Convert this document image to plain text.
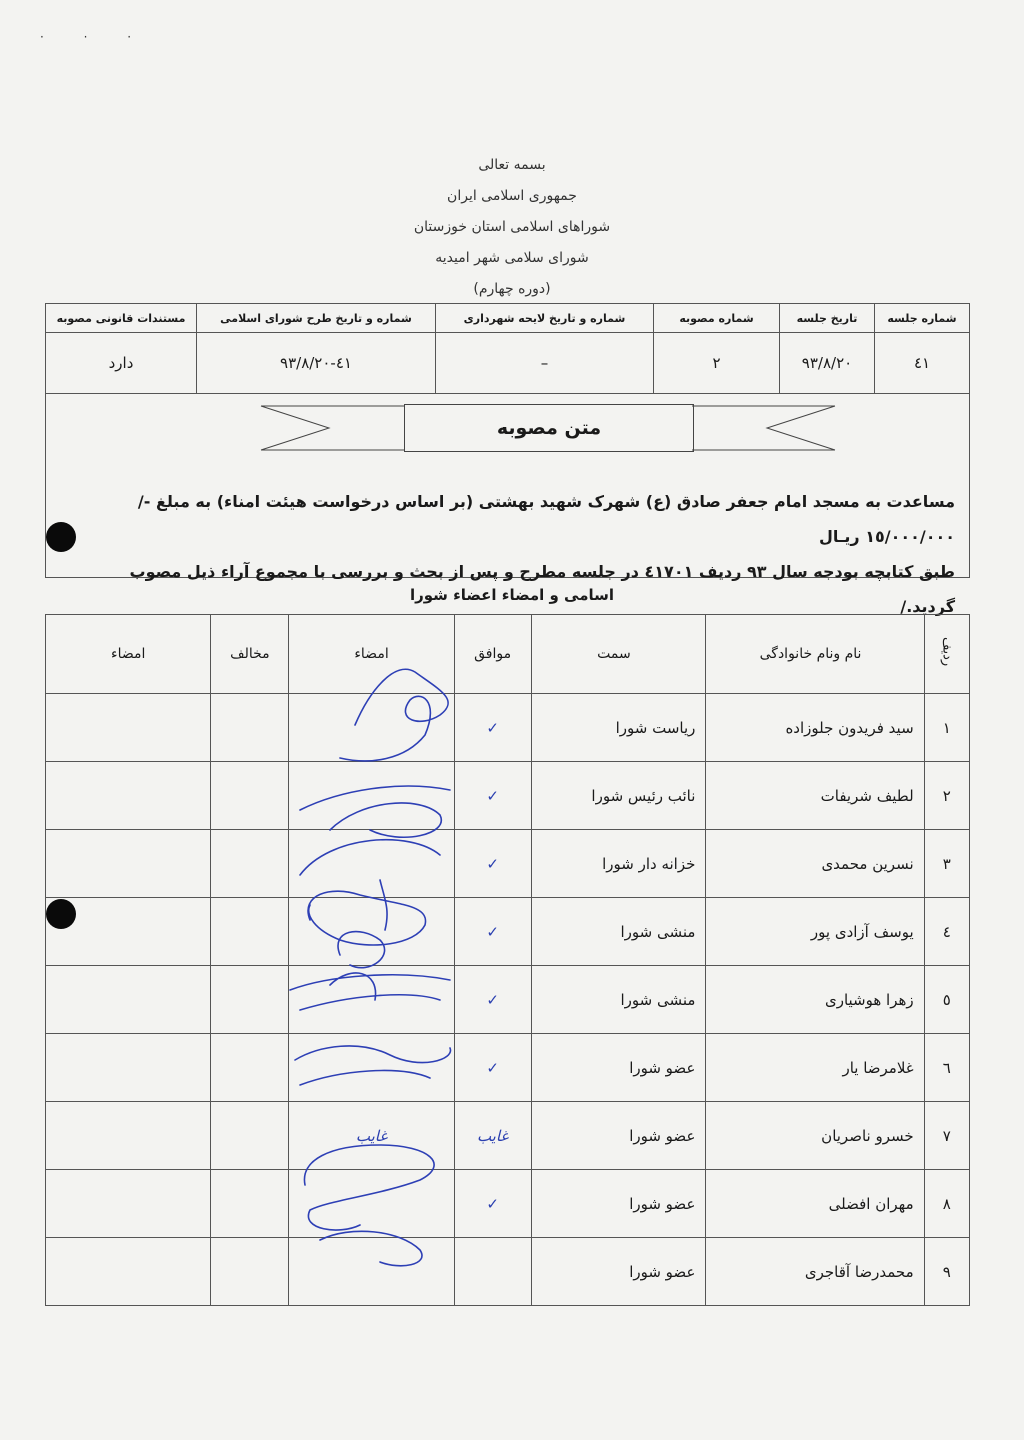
· · ·
بسمه تعالی
جمهوری اسلامی ایران
شوراهای اسلامی استان خوزستان
شورای سلامی شهر امیدیه
(دوره چهارم)
شماره جلسه	تاریخ جلسه	شماره مصوبه	شماره و تاریخ لایحه شهرداری	شماره و تاریخ طرح شورای اسلامی	مستندات قانونی مصوبه
٤١	٩٣/٨/٢٠	٢	–	٤١-٩٣/٨/٢٠	دارد
متن مصوبه
مساعدت به مسجد امام جعفر صادق (ع) شهرک شهید بهشتی (بر اساس درخواست هیئت امناء) به مبلغ -/١٥/٠٠٠/٠٠٠ ریـال
طبق کتابچه بودجه سال ٩٣ ردیف ٤١٧٠١ در جلسه مطرح و پس از بحث و بررسی با مجموع آراء ذیل مصوب گردید./
اسامی و امضاء اعضاء شورا
ردیف	نام ونام خانوادگی	سمت	موافق	امضاء	مخالف	امضاء
١	سید فریدون جلوزاده	ریاست شورا	✓			
٢	لطیف شریفات	نائب رئیس شورا	✓			
٣	نسرین محمدی	خزانه دار شورا	✓			
٤	یوسف آزادی پور	منشی شورا	✓			
٥	زهرا هوشیاری	منشی شورا	✓			
٦	غلامرضا یار	عضو شورا	✓			
٧	خسرو ناصریان	عضو شورا	غایب	غایب		
٨	مهران افضلی	عضو شورا	✓			
٩	محمدرضا آقاجری	عضو شورا				
